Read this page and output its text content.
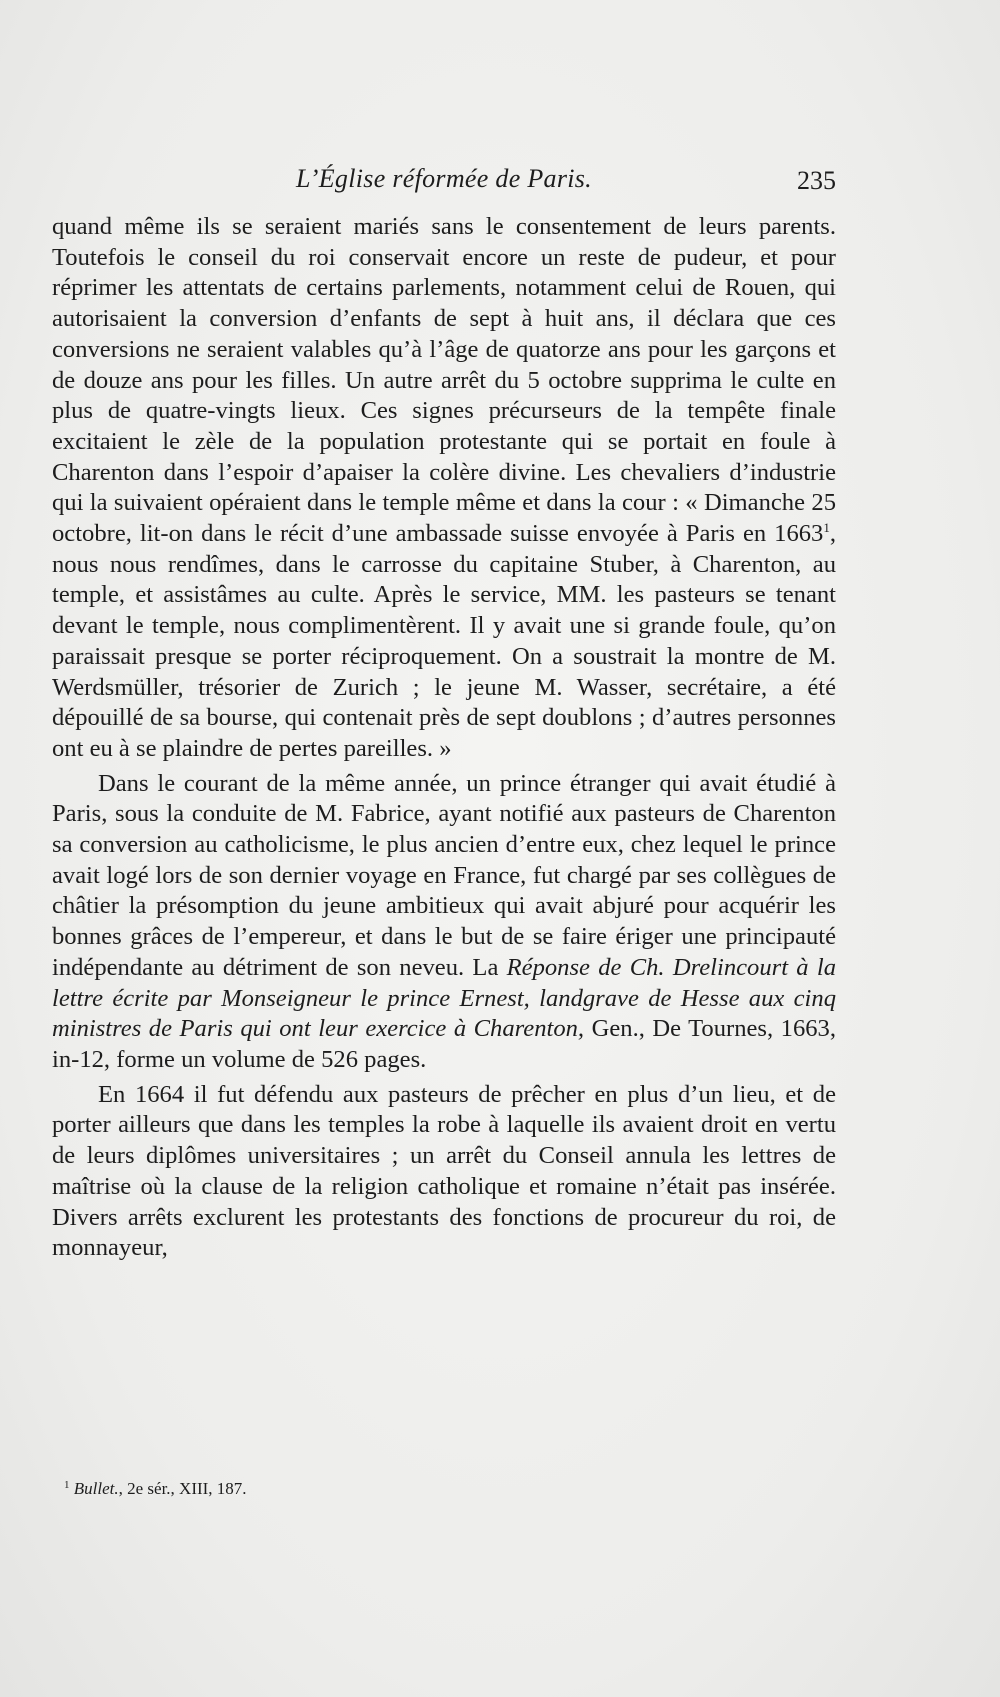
L’Église réformée de Paris.	235

quand même ils se seraient mariés sans le consentement de leurs parents. Toutefois le conseil du roi conservait encore un reste de pudeur, et pour réprimer les attentats de certains parlements, notamment celui de Rouen, qui autorisaient la conversion d’enfants de sept à huit ans, il déclara que ces conversions ne seraient valables qu’à l’âge de quatorze ans pour les garçons et de douze ans pour les filles. Un autre arrêt du 5 octobre supprima le culte en plus de quatre-vingts lieux. Ces signes précurseurs de la tempête finale excitaient le zèle de la population protestante qui se portait en foule à Charenton dans l’espoir d’apaiser la colère divine. Les chevaliers d’industrie qui la suivaient opéraient dans le temple même et dans la cour : « Dimanche 25 octobre, lit-on dans le récit d’une ambassade suisse envoyée à Paris en 1663$^1$, nous nous rendîmes, dans le carrosse du capitaine Stuber, à Charenton, au temple, et assistâmes au culte. Après le service, MM. les pasteurs se tenant devant le temple, nous complimentèrent. Il y avait une si grande foule, qu’on paraissait presque se porter réciproquement. On a soustrait la montre de M. Werdsmüller, trésorier de Zurich ; le jeune M. Wasser, secrétaire, a été dépouillé de sa bourse, qui contenait près de sept doublons ; d’autres personnes ont eu à se plaindre de pertes pareilles. »

Dans le courant de la même année, un prince étranger qui avait étudié à Paris, sous la conduite de M. Fabrice, ayant notifié aux pasteurs de Charenton sa conversion au catholicisme, le plus ancien d’entre eux, chez lequel le prince avait logé lors de son dernier voyage en France, fut chargé par ses collègues de châtier la présomption du jeune ambitieux qui avait abjuré pour acquérir les bonnes grâces de l’empereur, et dans le but de se faire ériger une principauté indépendante au détriment de son neveu. La Réponse de Ch. Drelincourt à la lettre écrite par Monseigneur le prince Ernest, landgrave de Hesse aux cinq ministres de Paris qui ont leur exercice à Charenton, Gen., De Tournes, 1663, in-12, forme un volume de 526 pages.

En 1664 il fut défendu aux pasteurs de prêcher en plus d’un lieu, et de porter ailleurs que dans les temples la robe à laquelle ils avaient droit en vertu de leurs diplômes universitaires ; un arrêt du Conseil annula les lettres de maîtrise où la clause de la religion catholique et romaine n’était pas insérée. Divers arrêts exclurent les protestants des fonctions de procureur du roi, de monnayeur,

$^1$ Bullet., 2e sér., XIII, 187.
